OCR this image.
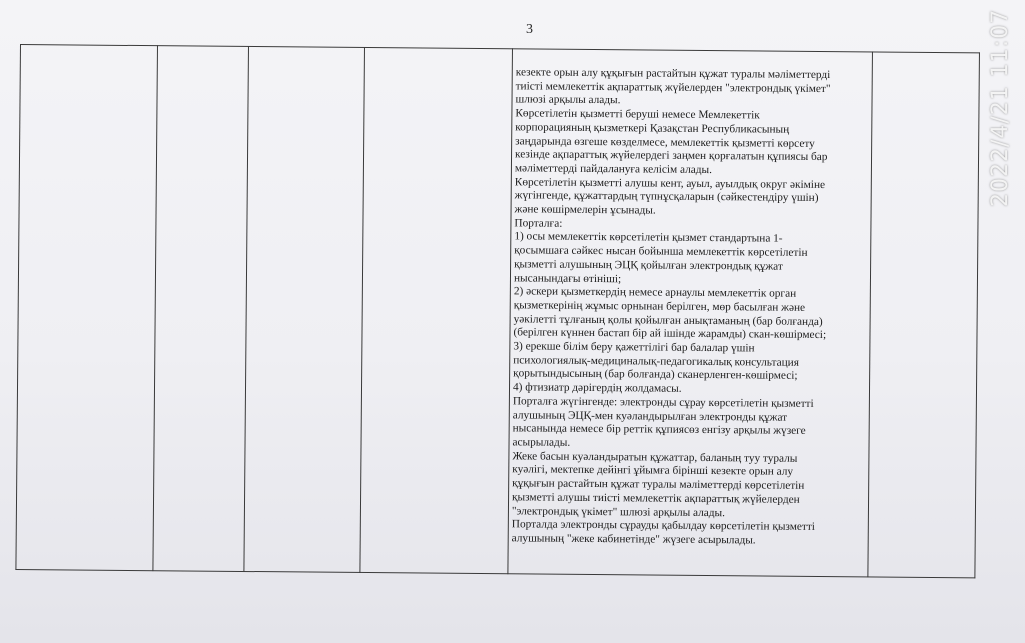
3
кезекте орын алу құқығын растайтын құжат туралы мәліметтерді
тиісті мемлекеттік ақпараттық жүйелерден "электрондық үкімет"
шлюзі арқылы алады.
Көрсетілетін қызметті беруші немесе Мемлекеттік
корпорацияның қызметкері Қазақстан Республикасының
заңдарында өзгеше көзделмесе, мемлекеттік қызметті көрсету
кезінде ақпараттық жүйелердегі заңмен қорғалатын құпиясы бар
мәліметтерді пайдалануға келісім алады.
Көрсетілетін қызметті алушы кент, ауыл, ауылдық округ әкіміне
жүгінгенде, құжаттардың түпнұсқаларын (сәйкестендіру үшін)
және көшірмелерін ұсынады.
Порталға:
1) осы мемлекеттік көрсетілетін қызмет стандартына 1-
қосымшаға сәйкес нысан бойынша мемлекеттік көрсетілетін
қызметті алушының ЭЦҚ қойылған электрондық құжат
нысанындағы өтініші;
2) әскери қызметкердің немесе арнаулы мемлекеттік орган
қызметкерінің жұмыс орнынан берілген, мөр басылған және
уәкілетті тұлғаның қолы қойылған анықтаманың (бар болғанда)
(берілген күннен бастап бір ай ішінде жарамды) скан-көшірмесі;
3) ерекше білім беру қажеттілігі бар балалар үшін
психологиялық-медициналық-педагогикалық консультация
қорытындысының (бар болғанда) сканерленген-көшірмесі;
4) фтизиатр дәрігердің жолдамасы.
Порталға жүгінгенде: электронды сұрау көрсетілетін қызметті
алушының ЭЦҚ-мен куәландырылған электронды құжат
нысанында немесе бір реттік құпиясөз енгізу арқылы жүзеге
асырылады.
Жеке басын куәландыратын құжаттар, баланың туу туралы
куәлігі, мектепке дейінгі ұйымға бірінші кезекте орын алу
құқығын растайтын құжат туралы мәліметтерді көрсетілетін
қызметті алушы тиісті мемлекеттік ақпараттық жүйелерден
"электрондық үкімет" шлюзі арқылы алады.
Порталда электронды сұрауды қабылдау көрсетілетін қызметті
алушының "жеке кабинетінде" жүзеге асырылады.
2022/4/21 11:07
